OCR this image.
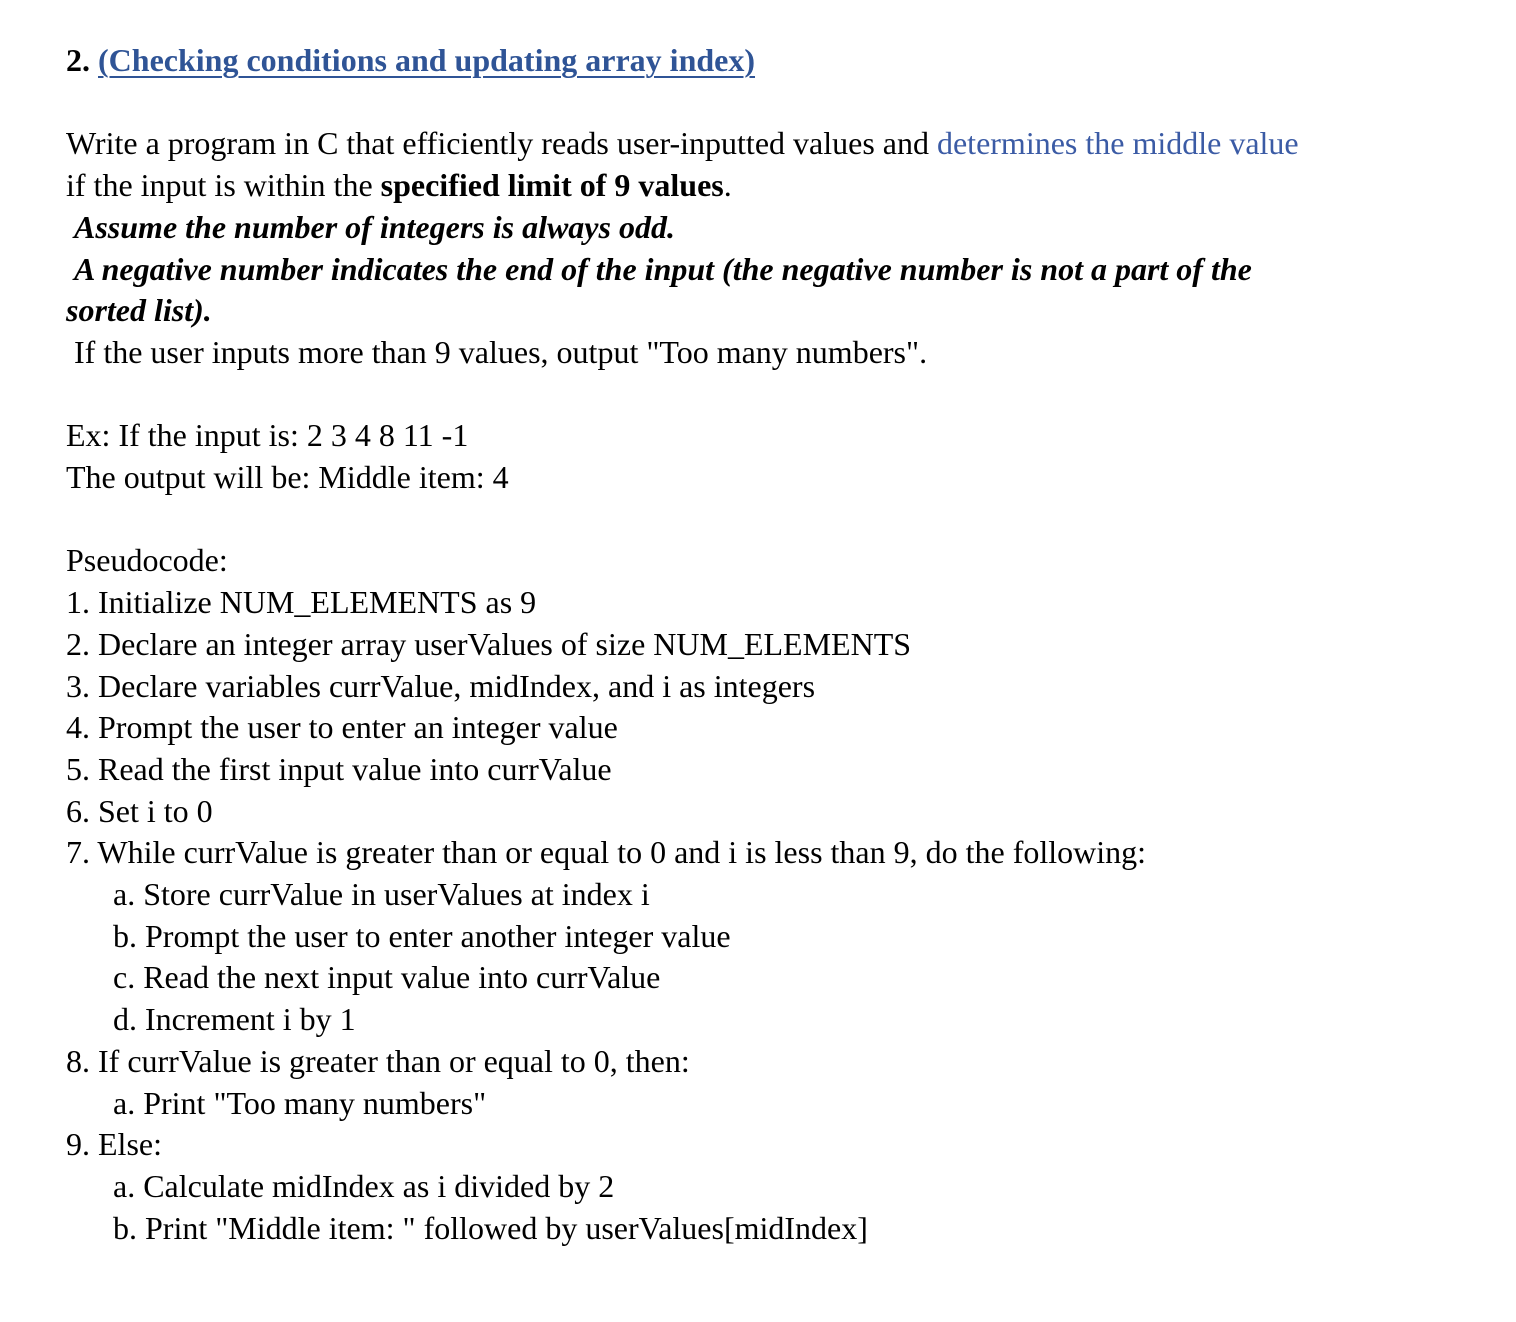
2. (Checking conditions and updating array index)

Write a program in C that efficiently reads user-inputted values and determines the middle value
if the input is within the specified limit of 9 values.
Assume the number of integers is always odd.
A negative number indicates the end of the input (the negative number is not a part of the
sorted list).
If the user inputs more than 9 values, output "Too many numbers".

Ex: If the input is: 2 3 4 8 11 -1
The output will be: Middle item: 4

Pseudocode:
1. Initialize NUM_ELEMENTS as 9
2. Declare an integer array userValues of size NUM_ELEMENTS
3. Declare variables currValue, midIndex, and i as integers
4. Prompt the user to enter an integer value
5. Read the first input value into currValue
6. Set i to 0
7. While currValue is greater than or equal to 0 and i is less than 9, do the following:
a. Store currValue in userValues at index i
b. Prompt the user to enter another integer value
c. Read the next input value into currValue
d. Increment i by 1
8. If currValue is greater than or equal to 0, then:
a. Print "Too many numbers"
9. Else:
a. Calculate midIndex as i divided by 2
b. Print "Middle item: " followed by userValues[midIndex]
